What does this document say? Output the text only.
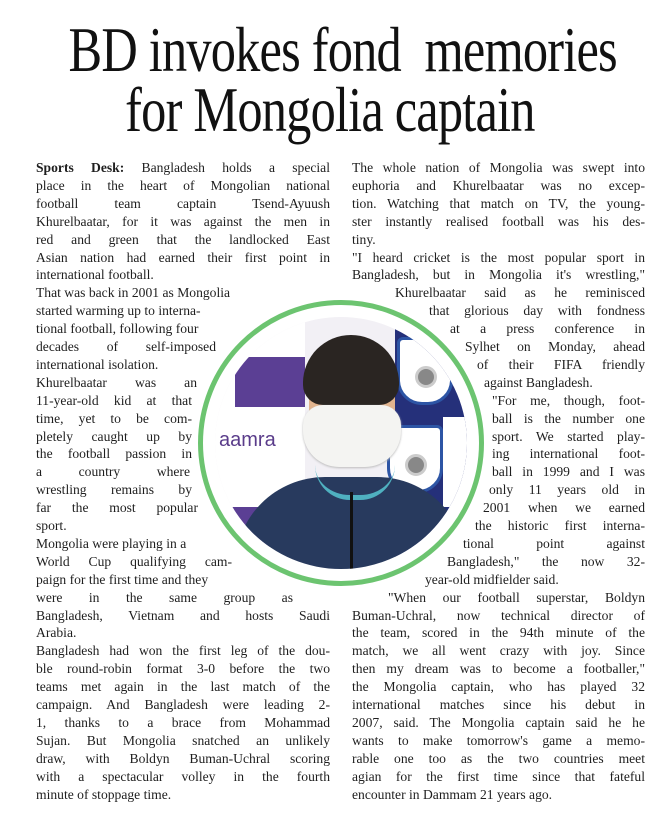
BD invokes fond  memories
for Mongolia captain
aamra
Sports Desk: Bangladesh holds a special
place in the heart of Mongolian national
football team captain Tsend-Ayuush
Khurelbaatar, for it was against the men in
red and green that the landlocked East
Asian nation had earned their first point in
international football.
That was back in 2001 as Mongolia
started warming up to interna-
tional football, following four
decades of self-imposed
international isolation.
Khurelbaatar was an
11-year-old kid at that
time, yet to be com-
pletely caught up by
the football passion in
a country where
wrestling remains by
far the most popular
sport.
Mongolia were playing in a
World Cup qualifying cam-
paign for the first time and they
were in the same group as
Bangladesh, Vietnam and hosts Saudi
Arabia.
Bangladesh had won the first leg of the dou-
ble round-robin format 3-0 before the two
teams met again in the last match of the
campaign. And Bangladesh were leading 2-
1, thanks to a brace from Mohammad
Sujan. But Mongolia snatched an unlikely
draw, with Boldyn Buman-Uchral scoring
with a spectacular volley in the fourth
minute of stoppage time.
The whole nation of Mongolia was swept into
euphoria and Khurelbaatar was no excep-
tion. Watching that match on TV, the young-
ster instantly realised football was his des-
tiny.
"I heard cricket is the most popular sport in
Bangladesh, but in Mongolia it's wrestling,"
Khurelbaatar said as he reminisced
that glorious day with fondness
at a press conference in
Sylhet on Monday, ahead
of their FIFA friendly
against Bangladesh.
"For me, though, foot-
ball is the number one
sport. We started play-
ing international foot-
ball in 1999 and I was
only 11 years old in
2001 when we earned
the historic first interna-
tional point against
Bangladesh," the now 32-
year-old midfielder said.
"When our football superstar, Boldyn
Buman-Uchral, now technical director of
the team, scored in the 94th minute of the
match, we all went crazy with joy. Since
then my dream was to become a footballer,"
the Mongolia captain, who has played 32
international matches since his debut in
2007, said. The Mongolia captain said he he
wants to make tomorrow's game a memo-
rable one too as the two countries meet
agian for the first time since that fateful
encounter in Dammam 21 years ago.
